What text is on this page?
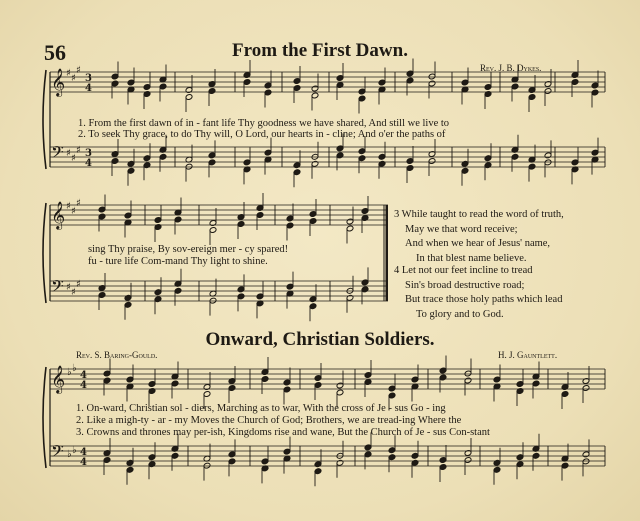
56	From the First Dawn.
Rev. J. B. Dykes.
𝄞
𝄢
♯
♯
♯
♯
♯
♯
3
4
3
4
𝄞
𝄢
♯
♯
♯
♯
♯
♯
𝄞
𝄢
♭
♭
♭
♭
4
4
4
4
1. From the first dawn of in - fant life Thy goodness we have shared, And still we live to
2. To seek Thy grace, to do Thy will, O Lord, our hearts in - cline; And o'er the paths of
sing Thy praise, By sov-ereign mer - cy spared!
fu - ture life Com-mand Thy light to shine.
3 While taught to read the word of truth,
May we that word receive;
And when we hear of Jesus' name,
In that blest name believe.
4 Let not our feet incline to tread
Sin's broad destructive road;
But trace those holy paths which lead
To glory and to God.
Onward, Christian Soldiers.
Rev. S. Baring-Gould.	H. J. Gauntlett.
1. On-ward, Christian sol - diers, Marching as to war, With the cross of Je - sus Go - ing
2. Like a migh-ty - ar - my Moves the Church of God; Brothers, we are tread-ing Where the
3. Crowns and thrones may per-ish, Kingdoms rise and wane, But the Church of Je - sus Con-stant
